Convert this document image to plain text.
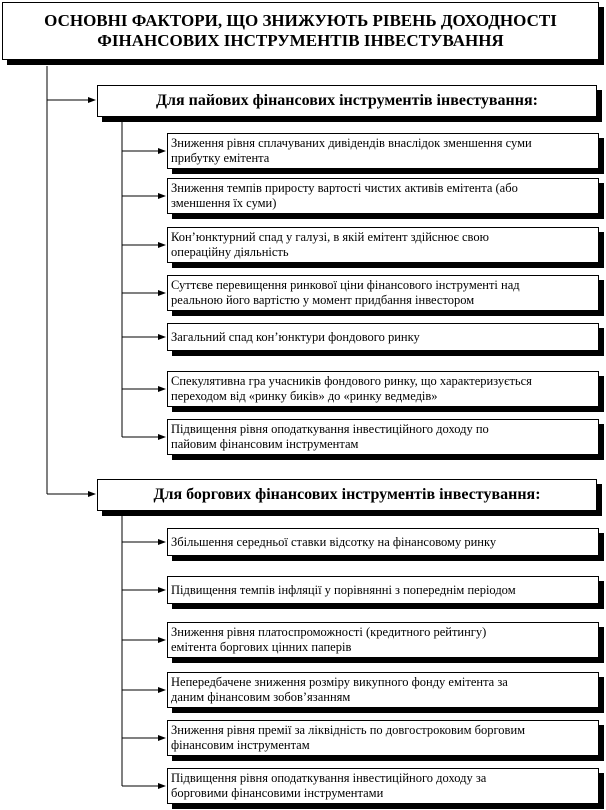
ОСНОВНІ ФАКТОРИ, ЩО ЗНИЖУЮТЬ РІВЕНЬ ДОХОДНОСТІ
ФІНАНСОВИХ ІНСТРУМЕНТІВ ІНВЕСТУВАННЯ
Для пайових фінансових інструментів інвестування:
Зниження рівня сплачуваних дивідендів внаслідок зменшення суми
прибутку емітента
Зниження темпів приросту вартості чистих активів емітента (або
зменшення їх суми)
Кон’юнктурний спад у галузі, в якій емітент здійснює свою
операційну діяльність
Суттєве перевищення ринкової ціни фінансового інструменті над
реальною його вартістю у момент придбання інвестором
Загальний спад кон’юнктури фондового ринку
Спекулятивна гра учасників фондового ринку, що характеризується
переходом від «ринку биків» до «ринку ведмедів»
Підвищення рівня оподаткування інвестиційного доходу по
пайовим фінансовим інструментам
Для боргових фінансових інструментів інвестування:
Збільшення середньої ставки відсотку на фінансовому ринку
Підвищення темпів інфляції у порівнянні з попереднім періодом
Зниження рівня платоспроможності (кредитного рейтингу)
емітента боргових цінних паперів
Непередбачене зниження розміру викупного фонду емітента за
даним фінансовим зобов’язанням
Зниження рівня премії за ліквідність по довгостроковим борговим
фінансовим інструментам
Підвищення рівня оподаткування інвестиційного доходу за
борговими фінансовими інструментами
